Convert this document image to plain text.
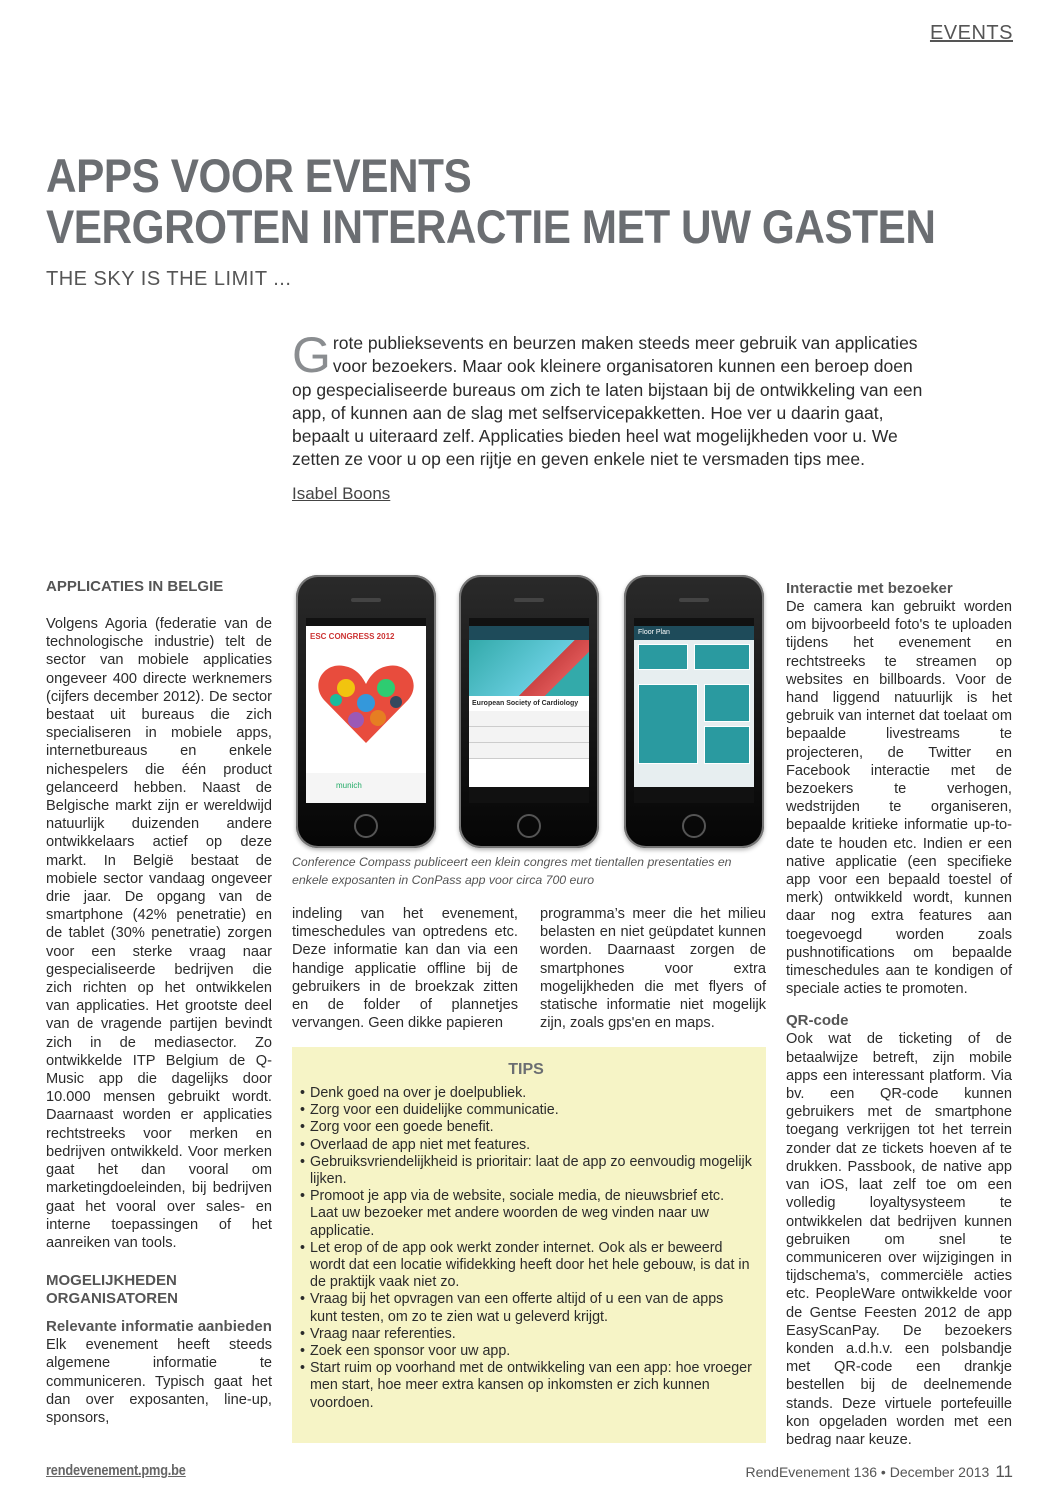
EVENTS
APPS VOOR EVENTS
VERGROTEN INTERACTIE MET UW GASTEN
THE SKY IS THE LIMIT ...
G rote publieksevents en beurzen maken steeds meer gebruik van applicaties voor bezoekers. Maar ook kleinere organisatoren kunnen een beroep doen op gespecialiseerde bureaus om zich te laten bijstaan bij de ontwikkeling van een app, of kunnen aan de slag met selfservicepakketten. Hoe ver u daarin gaat, bepaalt u uiteraard zelf. Applicaties bieden heel wat mogelijkheden voor u. We zetten ze voor u op een rijtje en geven enkele niet te versmaden tips mee.
Isabel Boons
APPLICATIES IN BELGIE

Volgens Agoria (federatie van de technologische industrie) telt de sector van mobiele applicaties ongeveer 400 directe werknemers (cijfers december 2012). De sector bestaat uit bureaus die zich specialiseren in mobiele apps, internetbureaus en enkele nichespelers die één product gelanceerd hebben. Naast de Belgische markt zijn er wereldwijd natuurlijk duizenden andere ontwikkelaars actief op deze markt. In België bestaat de mobiele sector vandaag ongeveer drie jaar. De opgang van de smartphone (42% penetratie) en de tablet (30% penetratie) zorgen voor een sterke vraag naar gespecialiseerde bedrijven die zich richten op het ontwikkelen van applicaties. Het grootste deel van de vragende partijen bevindt zich in de mediasector. Zo ontwikkelde ITP Belgium de Q-Music app die dagelijks door 10.000 mensen gebruikt wordt. Daarnaast worden er applicaties rechtstreeks voor merken en bedrijven ontwikkeld. Voor merken gaat het dan vooral om marketingdoeleinden, bij bedrijven gaat het vooral over sales- en interne toepassingen of het aanreiken van tools.

MOGELIJKHEDEN ORGANISATOREN
Relevante informatie aanbieden

Elk evenement heeft steeds algemene informatie te communiceren. Typisch gaat het dan over exposanten, line-up, sponsors,

ESC CONGRESS 2012
munich
European Society of Cardiology
Floor Plan
Conference Compass publiceert een klein congres met tientallen presentaties en enkele exposanten in ConPass app voor circa 700 euro

indeling van het evenement, timeschedules van optredens etc. Deze informatie kan dan via een handige applicatie offline bij de gebruikers in de broekzak zitten en de folder of plannetjes vervangen. Geen dikke papieren

programma’s meer die het milieu belasten en niet geüpdatet kunnen worden. Daarnaast zorgen de smartphones voor extra mogelijkheden die met flyers of statische informatie niet mogelijk zijn, zoals gps'en en maps.

TIPS
• Denk goed na over je doelpubliek.
• Zorg voor een duidelijke communicatie.
• Zorg voor een goede benefit.
• Overlaad de app niet met features.
• Gebruiksvriendelijkheid is prioritair: laat de app zo eenvoudig mogelijk lijken.
• Promoot je app via de website, sociale media, de nieuwsbrief etc. Laat uw bezoeker met andere woorden de weg vinden naar uw applicatie.
• Let erop of de app ook werkt zonder internet. Ook als er beweerd wordt dat een locatie wifidekking heeft door het hele gebouw, is dat in de praktijk vaak niet zo.
• Vraag bij het opvragen van een offerte altijd of u een van de apps kunt testen, om zo te zien wat u geleverd krijgt.
• Vraag naar referenties.
• Zoek een sponsor voor uw app.
• Start ruim op voorhand met de ontwikkeling van een app: hoe vroeger men start, hoe meer extra kansen op inkomsten er zich kunnen voordoen.
Interactie met bezoeker

De camera kan gebruikt worden om bijvoorbeeld foto's te uploaden tijdens het evenement en rechtstreeks te streamen op websites en billboards. Voor de hand liggend natuurlijk is het gebruik van internet dat toelaat om bepaalde livestreams te projecteren, de Twitter en Facebook interactie met de bezoekers te verhogen, wedstrijden te organiseren, bepaalde kritieke informatie up-to-date te houden etc. Indien er een native applicatie (een specifieke app voor een bepaald toestel of merk) ontwikkeld wordt, kunnen daar nog extra features aan toegevoegd worden zoals pushnotifications om bepaalde timeschedules aan te kondigen of speciale acties te promoten.

QR-code

Ook wat de ticketing of de betaalwijze betreft, zijn mobile apps een interessant platform. Via bv. een QR-code kunnen gebruikers met de smartphone toegang verkrijgen tot het terrein zonder dat ze tickets hoeven af te drukken. Passbook, de native app van iOS, laat zelf toe om een volledig loyaltysysteem te ontwikkelen dat bedrijven kunnen gebruiken om snel te communiceren over wijzigingen in tijdschema's, commerciële acties etc. PeopleWare ontwikkelde voor de Gentse Feesten 2012 de app EasyScanPay. De bezoekers konden a.d.h.v. een polsbandje met QR-code een drankje bestellen bij de deelnemende stands. Deze virtuele portefeuille kon opgeladen worden met een bedrag naar keuze.

rendevenement.pmg.be	RendEvenement 136 • December 2013 11
